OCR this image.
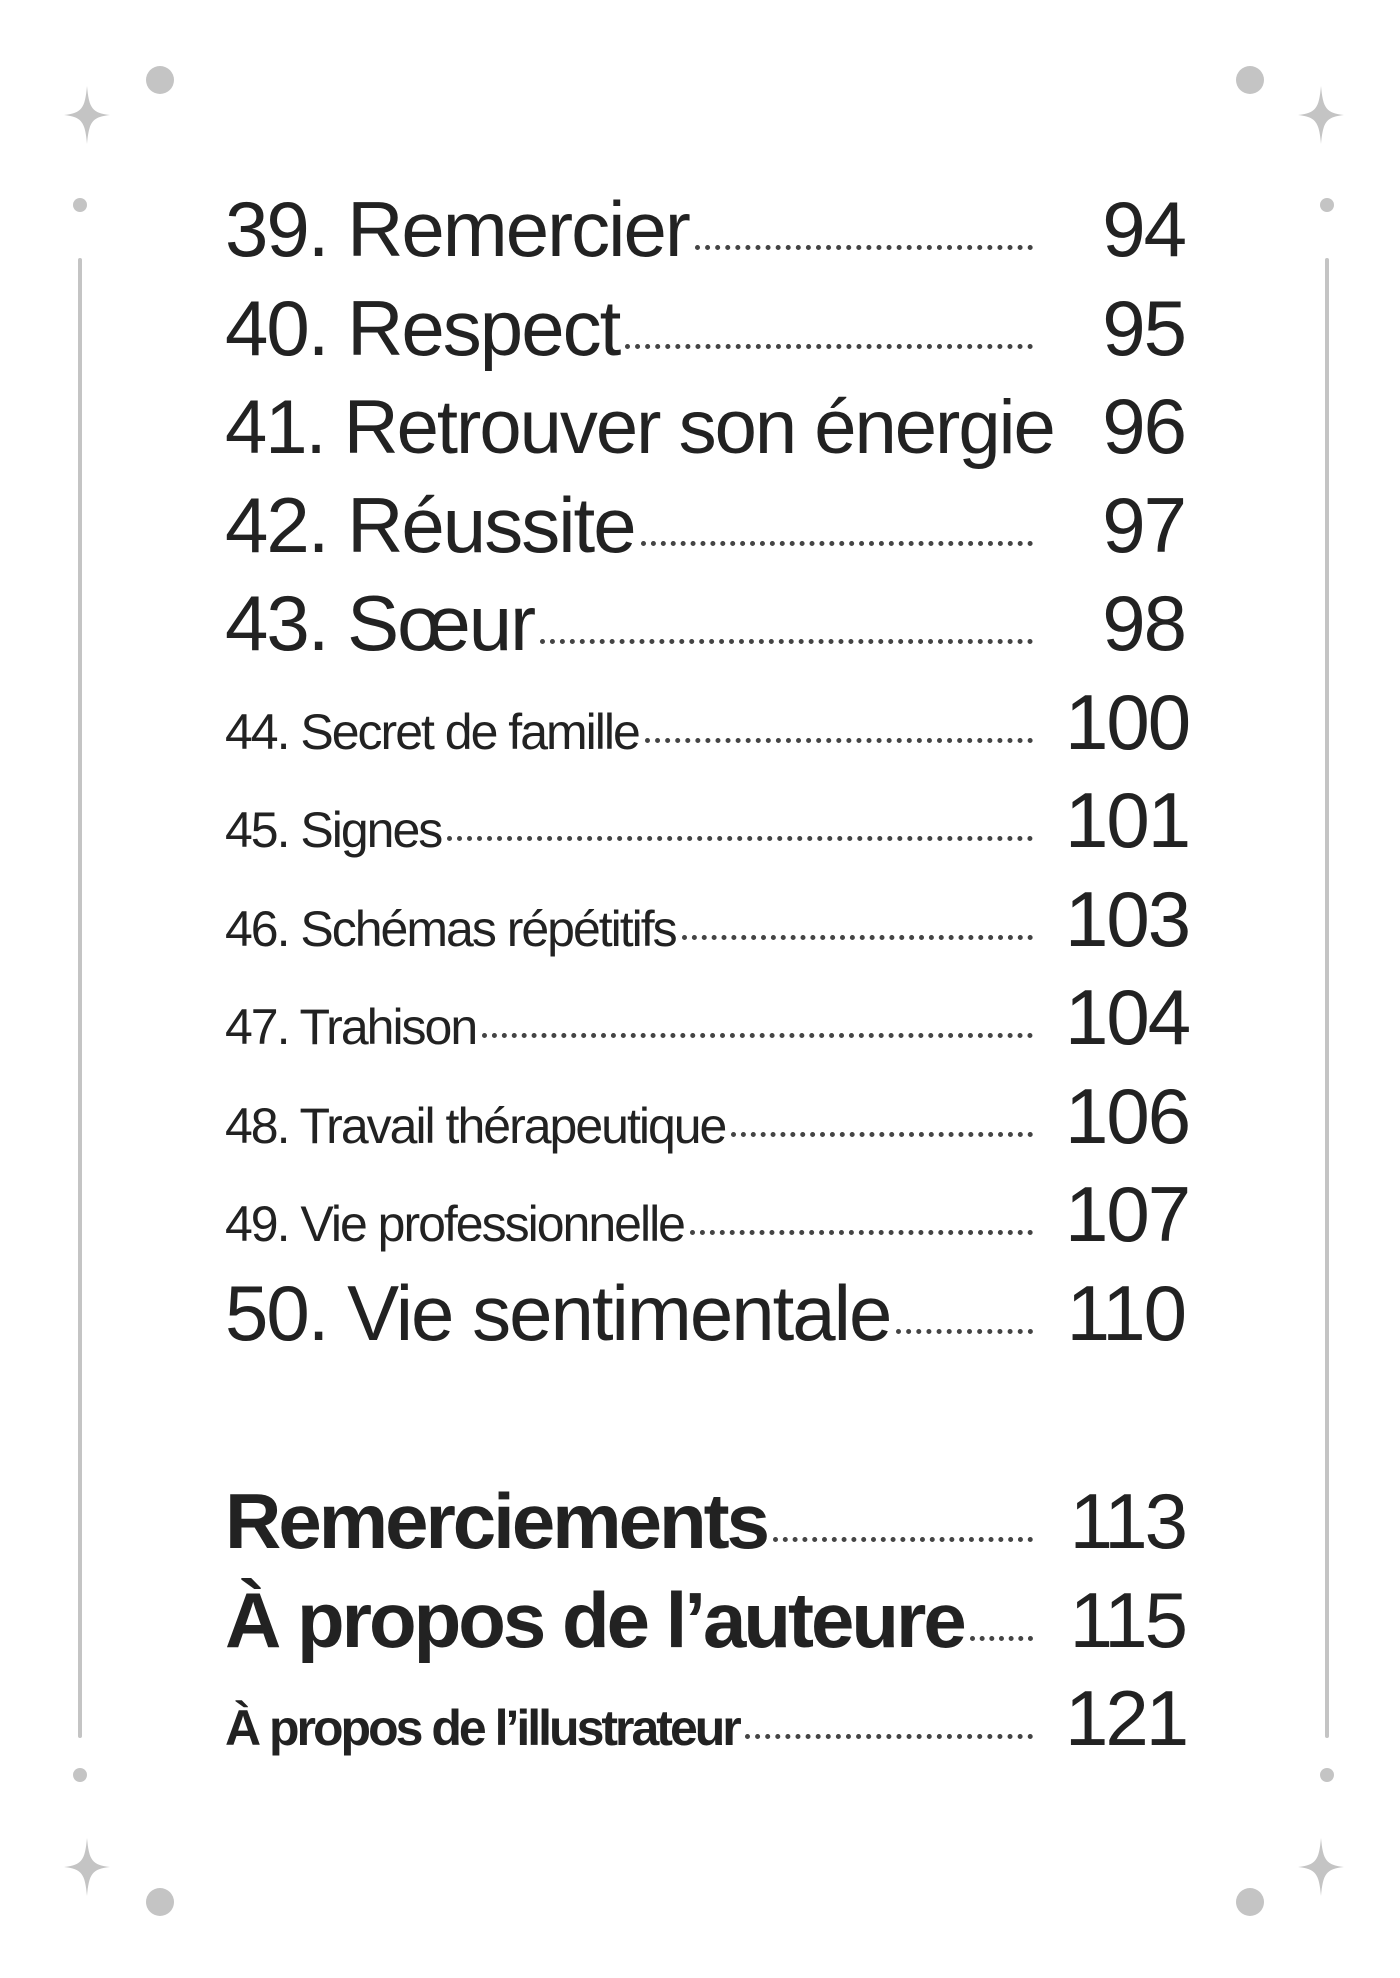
39. Remercier	94
40. Respect	95
41. Retrouver son énergie 96
42. Réussite	97
43. Sœur	98
44. Secret de famille	100
45. Signes	101
46. Schémas répétitifs	103
47. Trahison	104
48. Travail thérapeutique	106
49. Vie professionnelle	107
50. Vie sentimentale 110
Remerciements	113
À propos de l’auteure 115
À propos de l’illustrateur	121
